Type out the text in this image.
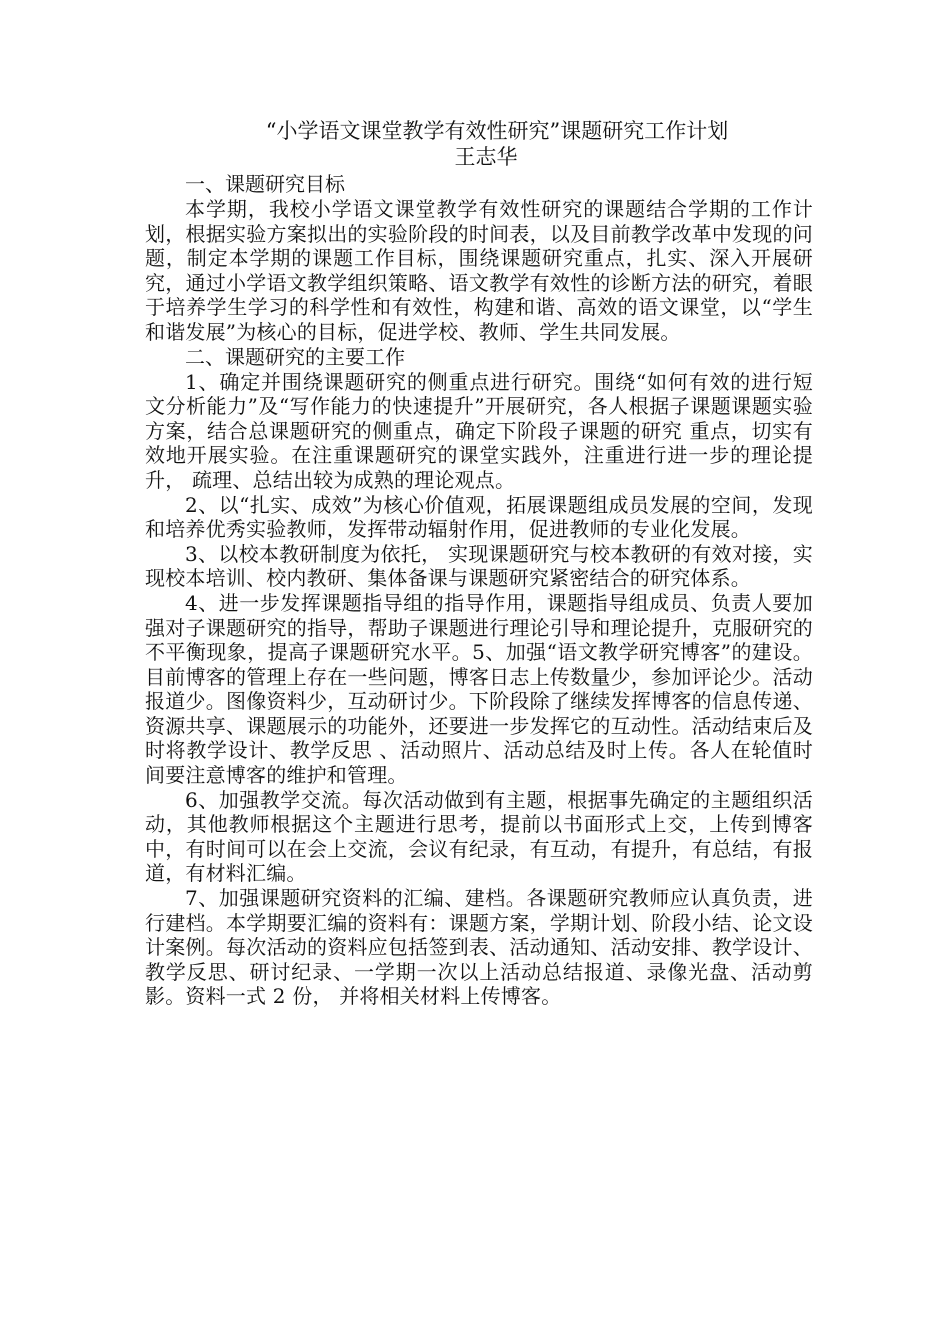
“小学语文课堂教学有效性研究”课题研究工作计划
王志华

一、课题研究目标

本学期，我校小学语文课堂教学有效性研究的课题结合学期的工作计划，根据实验方案拟出的实验阶段的时间表，以及目前教学改革中发现的问题，制定本学期的课题工作目标，围绕课题研究重点，扎实、深入开展研究，通过小学语文教学组织策略、语文教学有效性的诊断方法的研究，着眼于培养学生学习的科学性和有效性，构建和谐、高效的语文课堂，以“学生和谐发展”为核心的目标，促进学校、教师、学生共同发展。

二、课题研究的主要工作

1、确定并围绕课题研究的侧重点进行研究。围绕“如何有效的进行短文分析能力”及“写作能力的快速提升”开展研究，各人根据子课题课题实验方案，结合总课题研究的侧重点，确定下阶段子课题的研究 重点，切实有效地开展实验。在注重课题研究的课堂实践外，注重进行进一步的理论提升， 疏理、总结出较为成熟的理论观点。

2、以“扎实、成效”为核心价值观，拓展课题组成员发展的空间，发现和培养优秀实验教师，发挥带动辐射作用，促进教师的专业化发展。

3、以校本教研制度为依托， 实现课题研究与校本教研的有效对接，实现校本培训、校内教研、集体备课与课题研究紧密结合的研究体系。

4、进一步发挥课题指导组的指导作用，课题指导组成员、负责人要加强对子课题研究的指导，帮助子课题进行理论引导和理论提升，克服研究的不平衡现象，提高子课题研究水平。5、加强“语文教学研究博客”的建设。目前博客的管理上存在一些问题，博客日志上传数量少，参加评论少。活动报道少。图像资料少，互动研讨少。下阶段除了继续发挥博客的信息传递、资源共享、课题展示的功能外，还要进一步发挥它的互动性。活动结束后及时将教学设计、教学反思 、活动照片、活动总结及时上传。各人在轮值时间要注意博客的维护和管理。

6、加强教学交流。每次活动做到有主题，根据事先确定的主题组织活动，其他教师根据这个主题进行思考，提前以书面形式上交，上传到博客中，有时间可以在会上交流，会议有纪录，有互动，有提升，有总结，有报道，有材料汇编。

7、加强课题研究资料的汇编、建档。各课题研究教师应认真负责，进行建档。本学期要汇编的资料有：课题方案，学期计划、阶段小结、论文设计案例。每次活动的资料应包括签到表、活动通知、活动安排、教学设计、教学反思、研讨纪录、一学期一次以上活动总结报道、录像光盘、活动剪影。资料一式 2 份， 并将相关材料上传博客。
